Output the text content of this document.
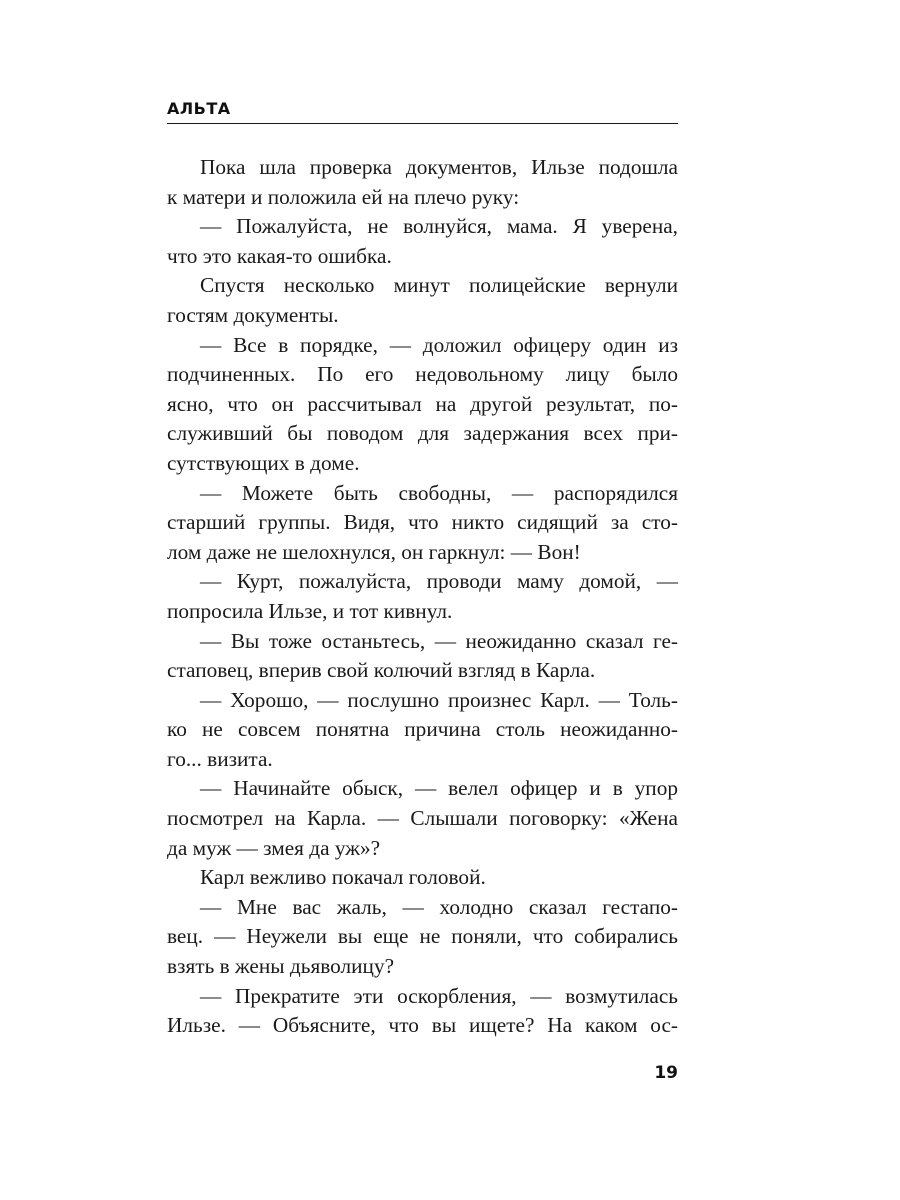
АЛЬТА
Пока шла проверка документов, Ильзе подошла
к матери и положила ей на плечо руку:
— Пожалуйста, не волнуйся, мама. Я уверена,
что это какая-то ошибка.
Спустя несколько минут полицейские вернули
гостям документы.
— Все в порядке, — доложил офицеру один из
подчиненных. По его недовольному лицу было
ясно, что он рассчитывал на другой результат, по-
служивший бы поводом для задержания всех при-
сутствующих в доме.
— Можете быть свободны, — распорядился
старший группы. Видя, что никто сидящий за сто-
лом даже не шелохнулся, он гаркнул: — Вон!
— Курт, пожалуйста, проводи маму домой, —
попросила Ильзе, и тот кивнул.
— Вы тоже останьтесь, — неожиданно сказал ге-
стаповец, вперив свой колючий взгляд в Карла.
— Хорошо, — послушно произнес Карл. — Толь-
ко не совсем понятна причина столь неожиданно-
го... визита.
— Начинайте обыск, — велел офицер и в упор
посмотрел на Карла. — Слышали поговорку: «Жена
да муж — змея да уж»?
Карл вежливо покачал головой.
— Мне вас жаль, — холодно сказал гестапо-
вец. — Неужели вы еще не поняли, что собирались
взять в жены дьяволицу?
— Прекратите эти оскорбления, — возмутилась
Ильзе. — Объясните, что вы ищете? На каком ос-
19
